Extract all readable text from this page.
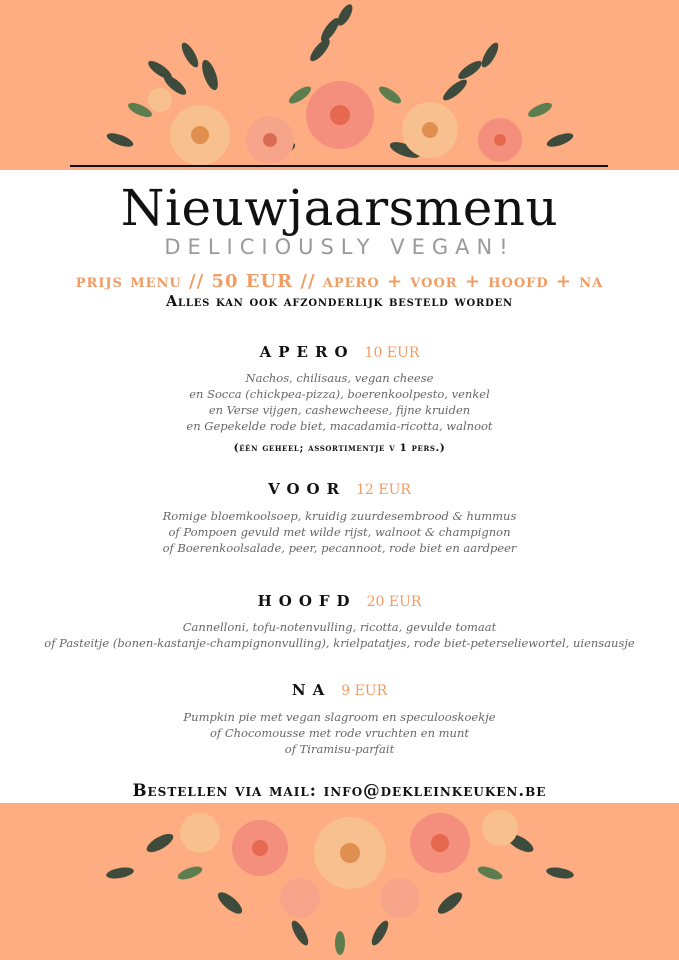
Nieuwjaarsmenu
DELICIOUSLY VEGAN!
prijs menu // 50 EUR // apero + voor + hoofd + na
Alles kan ook afzonderlijk besteld worden
APERO 10 EUR
Nachos, chilisaus, vegan cheese
en Socca (chickpea-pizza), boerenkoolpesto, venkel
en Verse vijgen, cashewcheese, fijne kruiden
en Gepekelde rode biet, macadamia-ricotta, walnoot
(één geheel; assortimentje v 1 pers.)
VOOR 12 EUR
Romige bloemkoolsoep, kruidig zuurdesembrood & hummus
of Pompoen gevuld met wilde rijst, walnoot & champignon
of Boerenkoolsalade, peer, pecannoot, rode biet en aardpeer
HOOFD 20 EUR
Cannelloni, tofu-notenvulling, ricotta, gevulde tomaat
of Pasteitje (bonen-kastanje-champignonvulling), krielpatatjes, rode biet-peterseliewortel, uiensausje
NA 9 EUR
Pumpkin pie met vegan slagroom en speculooskoekje
of Chocomousse met rode vruchten en munt
of Tiramisu-parfait
Bestellen via mail: info@dekleinkeuken.be
